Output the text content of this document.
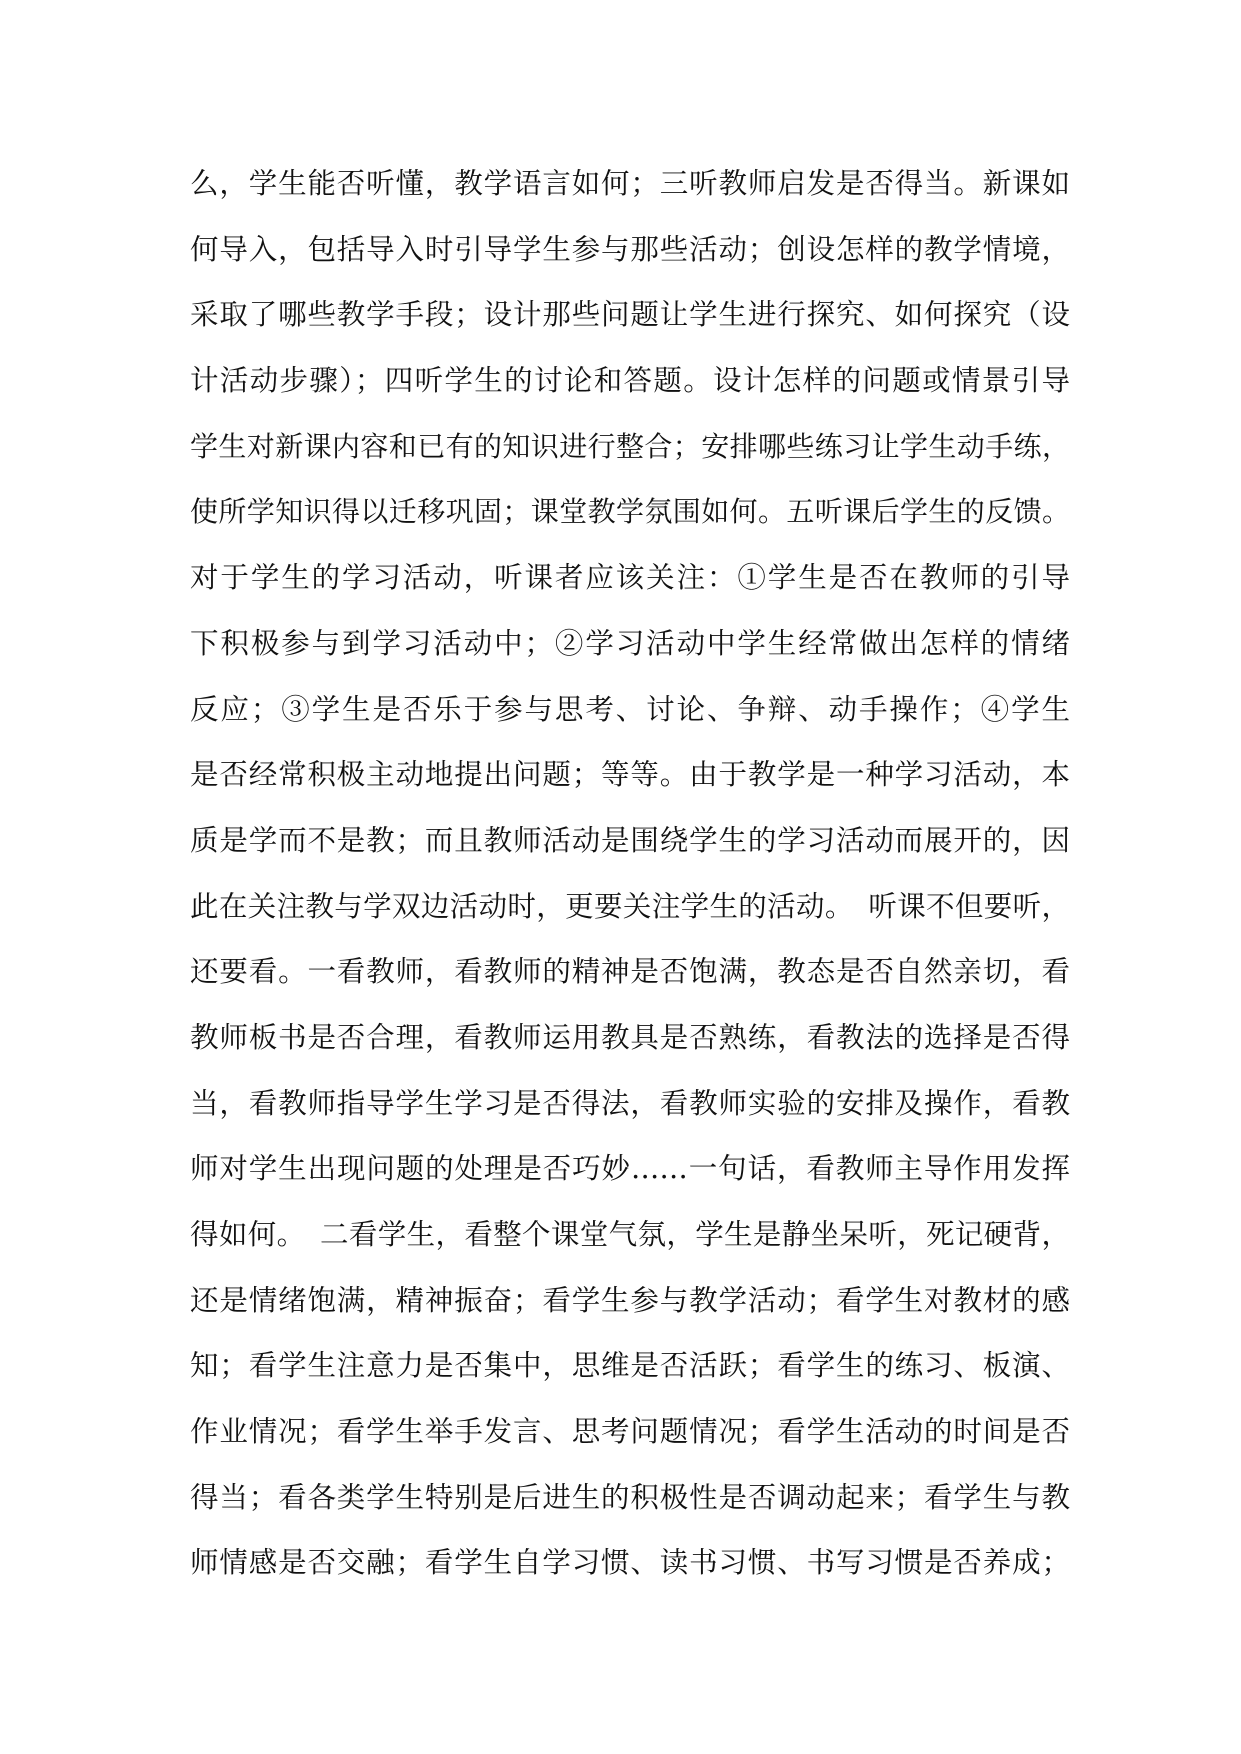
么，学生能否听懂，教学语言如何；三听教师启发是否得当。新课如
何导入，包括导入时引导学生参与那些活动；创设怎样的教学情境，
采取了哪些教学手段；设计那些问题让学生进行探究、如何探究（设
计活动步骤）；四听学生的讨论和答题。设计怎样的问题或情景引导
学生对新课内容和已有的知识进行整合；安排哪些练习让学生动手练，
使所学知识得以迁移巩固；课堂教学氛围如何。五听课后学生的反馈。
对于学生的学习活动，听课者应该关注：①学生是否在教师的引导
下积极参与到学习活动中；②学习活动中学生经常做出怎样的情绪
反应；③学生是否乐于参与思考、讨论、争辩、动手操作；④学生
是否经常积极主动地提出问题；等等。由于教学是一种学习活动，本
质是学而不是教；而且教师活动是围绕学生的学习活动而展开的，因
此在关注教与学双边活动时，更要关注学生的活动。　听课不但要听，
还要看。一看教师，看教师的精神是否饱满，教态是否自然亲切，看
教师板书是否合理，看教师运用教具是否熟练，看教法的选择是否得
当，看教师指导学生学习是否得法，看教师实验的安排及操作，看教
师对学生出现问题的处理是否巧妙……一句话，看教师主导作用发挥
得如何。　二看学生，看整个课堂气氛，学生是静坐呆听，死记硬背，
还是情绪饱满，精神振奋；看学生参与教学活动；看学生对教材的感
知；看学生注意力是否集中，思维是否活跃；看学生的练习、板演、
作业情况；看学生举手发言、思考问题情况；看学生活动的时间是否
得当；看各类学生特别是后进生的积极性是否调动起来；看学生与教
师情感是否交融；看学生自学习惯、读书习惯、书写习惯是否养成；
